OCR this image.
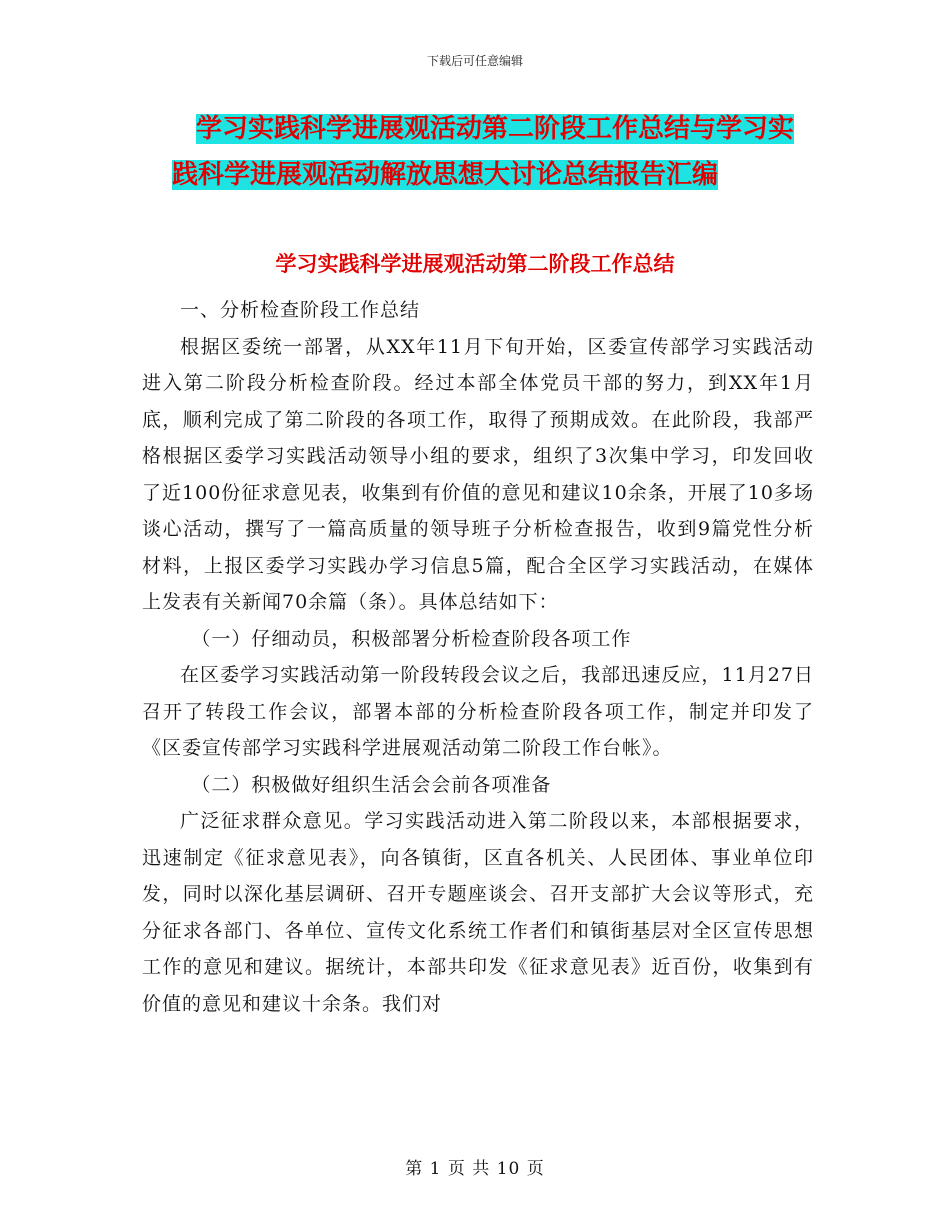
下载后可任意编辑
学习实践科学进展观活动第二阶段工作总结与学习实
践科学进展观活动解放思想大讨论总结报告汇编
学习实践科学进展观活动第二阶段工作总结

一、分析检查阶段工作总结

根据区委统一部署，从XX年11月下旬开始，区委宣传部学习实践活动进入第二阶段分析检查阶段。经过本部全体党员干部的努力，到XX年1月底，顺利完成了第二阶段的各项工作，取得了预期成效。在此阶段，我部严格根据区委学习实践活动领导小组的要求，组织了3次集中学习，印发回收了近100份征求意见表，收集到有价值的意见和建议10余条，开展了10多场谈心活动，撰写了一篇高质量的领导班子分析检查报告，收到9篇党性分析材料，上报区委学习实践办学习信息5篇，配合全区学习实践活动，在媒体上发表有关新闻70余篇（条）。具体总结如下：

（一）仔细动员，积极部署分析检查阶段各项工作

在区委学习实践活动第一阶段转段会议之后，我部迅速反应，11月27日召开了转段工作会议，部署本部的分析检查阶段各项工作，制定并印发了《区委宣传部学习实践科学进展观活动第二阶段工作台帐》。

（二）积极做好组织生活会会前各项准备

广泛征求群众意见。学习实践活动进入第二阶段以来，本部根据要求，迅速制定《征求意见表》，向各镇街，区直各机关、人民团体、事业单位印发，同时以深化基层调研、召开专题座谈会、召开支部扩大会议等形式，充分征求各部门、各单位、宣传文化系统工作者们和镇街基层对全区宣传思想工作的意见和建议。据统计，本部共印发《征求意见表》近百份，收集到有价值的意见和建议十余条。我们对

第 1 页 共 10 页
